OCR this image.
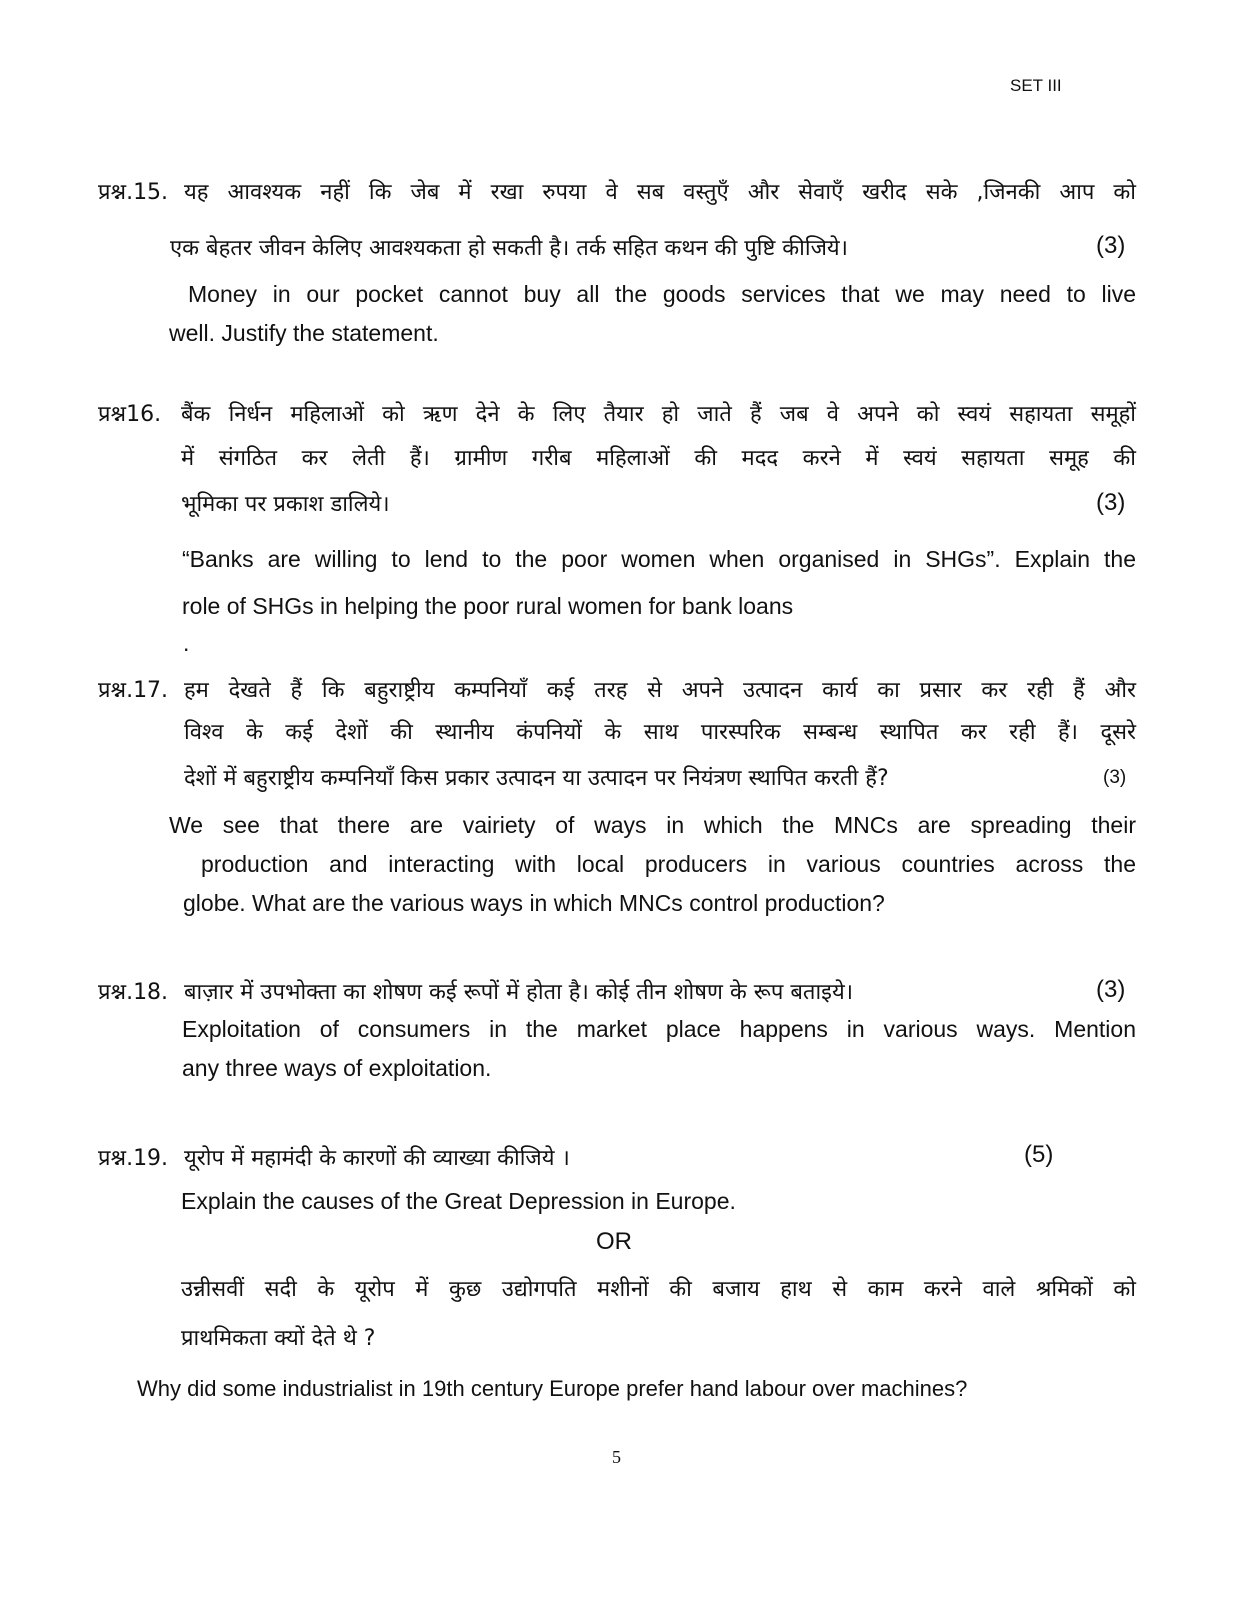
SET III
प्रश्न.15. यह आवश्यक नहीं कि जेब में रखा रुपया वे सब वस्तुएँ और सेवाएँ खरीद सके ,जिनकी आप को
एक बेहतर जीवन केलिए आवश्यकता हो सकती है। तर्क सहित कथन की पुष्टि कीजिये।	(3)
Money in our pocket cannot buy all the goods services that we may need to live
well. Justify the statement.
प्रश्न16. बैंक निर्धन महिलाओं को ऋण देने के लिए तैयार हो जाते हैं जब वे अपने को स्वयं सहायता समूहों
में संगठित कर लेती हैं। ग्रामीण गरीब महिलाओं की मदद करने में स्वयं सहायता समूह की
भूमिका पर प्रकाश डालिये।	(3)
“Banks are willing to lend to the poor women when organised in SHGs”. Explain the
role of SHGs in helping the poor rural women for bank loans
.
प्रश्न.17. हम देखते हैं कि बहुराष्ट्रीय कम्पनियाँ कई तरह से अपने उत्पादन कार्य का प्रसार कर रही हैं और
विश्व के कई देशों की स्थानीय कंपनियों के साथ पारस्परिक सम्बन्ध स्थापित कर रही हैं। दूसरे
देशों में बहुराष्ट्रीय कम्पनियाँ किस प्रकार उत्पादन या उत्पादन पर नियंत्रण स्थापित करती हैं?	(3)
We see that there are vairiety of ways in which the MNCs are spreading their
production and interacting with local producers in various countries across the
globe. What are the various ways in which MNCs control production?
प्रश्न.18. बाज़ार में उपभोक्ता का शोषण कई रूपों में होता है। कोई तीन शोषण के रूप बताइये।	(3)
Exploitation of consumers in the market place happens in various ways. Mention
any three ways of exploitation.
प्रश्न.19. यूरोप में महामंदी के कारणों की व्याख्या कीजिये ।	(5)
Explain the causes of the Great Depression in Europe.
OR
उन्नीसवीं सदी के यूरोप में कुछ उद्योगपति मशीनों की बजाय हाथ से काम करने वाले श्रमिकों को
प्राथमिकता क्यों देते थे ?
Why did some industrialist in 19th century Europe prefer hand labour over machines?
5
